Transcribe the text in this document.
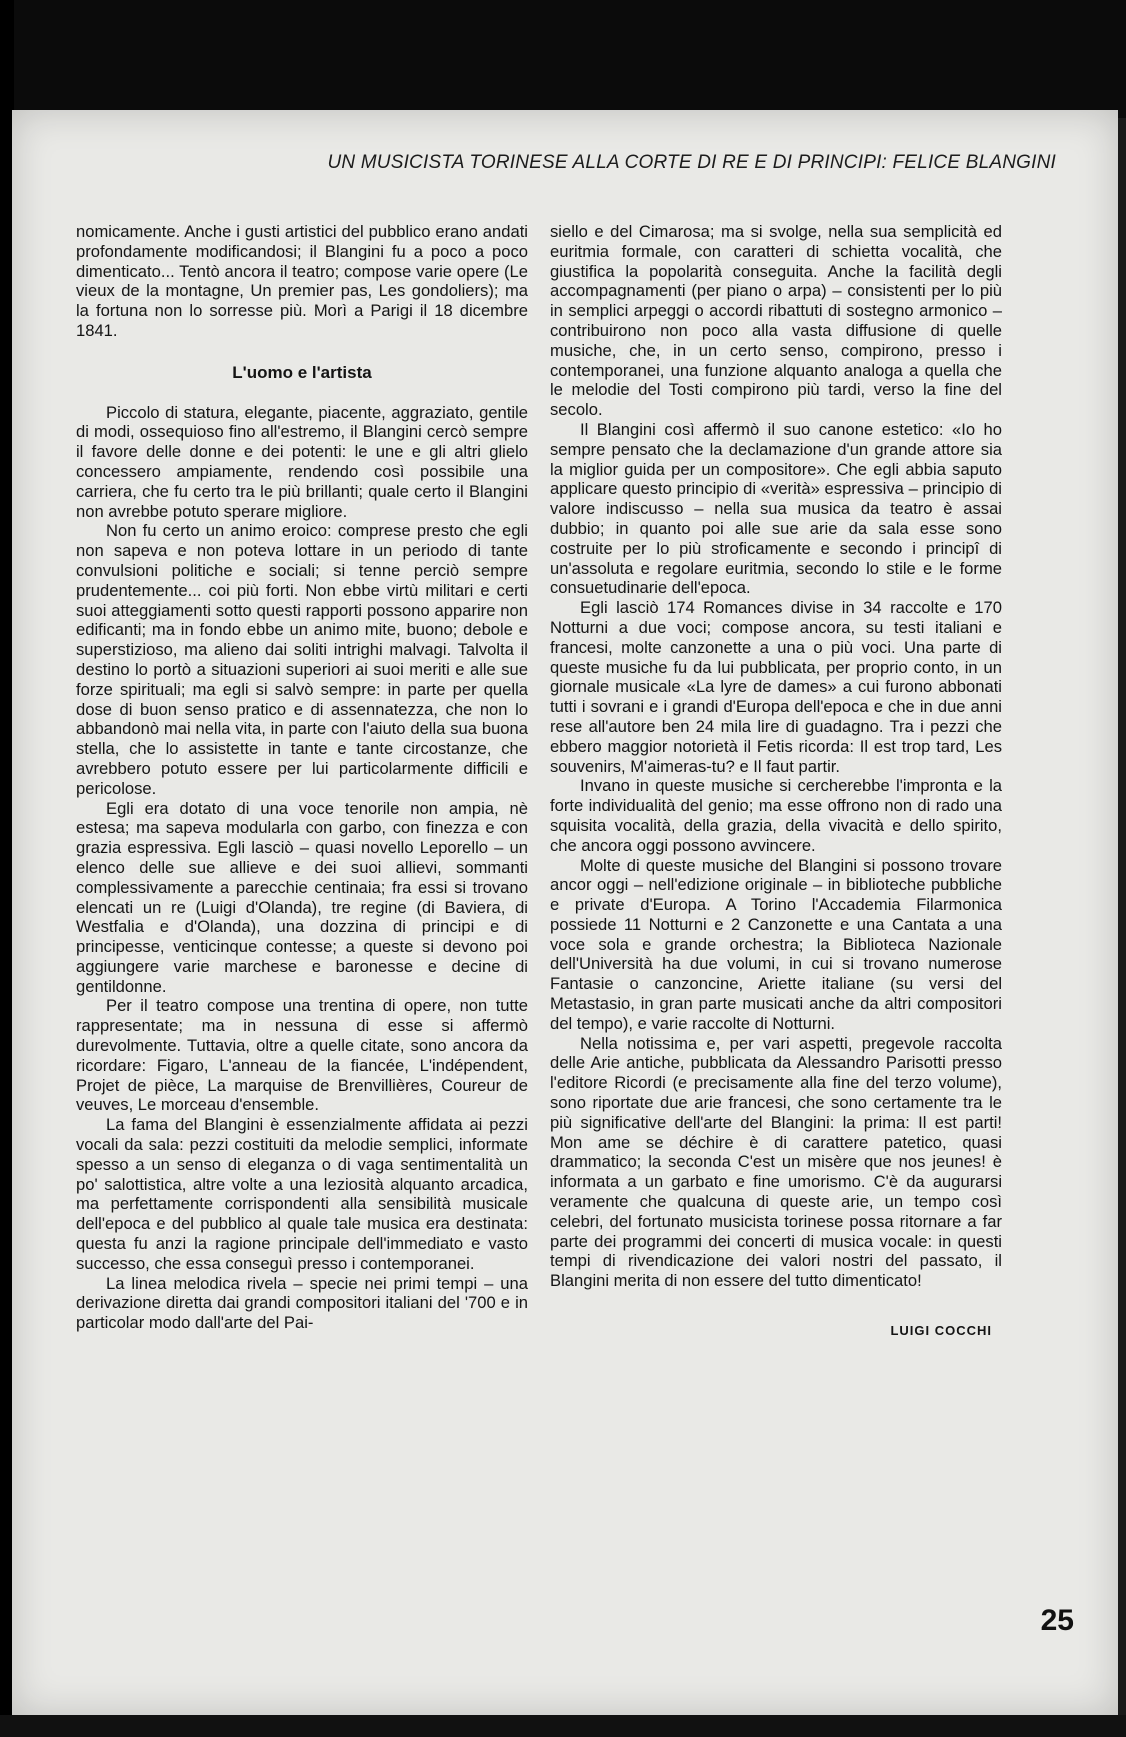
UN MUSICISTA TORINESE ALLA CORTE DI RE E DI PRINCIPI: FELICE BLANGINI

nomicamente. Anche i gusti artistici del pubblico erano andati profondamente modificandosi; il Blangini fu a poco a poco dimenticato... Tentò ancora il teatro; compose varie opere (Le vieux de la montagne, Un premier pas, Les gondoliers); ma la fortuna non lo sorresse più. Morì a Parigi il 18 dicembre 1841.

L'uomo e l'artista

Piccolo di statura, elegante, piacente, aggraziato, gentile di modi, ossequioso fino all'estremo, il Blangini cercò sempre il favore delle donne e dei potenti: le une e gli altri glielo concessero ampiamente, rendendo così possibile una carriera, che fu certo tra le più brillanti; quale certo il Blangini non avrebbe potuto sperare migliore.

Non fu certo un animo eroico: comprese presto che egli non sapeva e non poteva lottare in un periodo di tante convulsioni politiche e sociali; si tenne perciò sempre prudentemente... coi più forti. Non ebbe virtù militari e certi suoi atteggiamenti sotto questi rapporti possono apparire non edificanti; ma in fondo ebbe un animo mite, buono; debole e superstizioso, ma alieno dai soliti intrighi malvagi. Talvolta il destino lo portò a situazioni superiori ai suoi meriti e alle sue forze spirituali; ma egli si salvò sempre: in parte per quella dose di buon senso pratico e di assennatezza, che non lo abbandonò mai nella vita, in parte con l'aiuto della sua buona stella, che lo assistette in tante e tante circostanze, che avrebbero potuto essere per lui particolarmente difficili e pericolose.

Egli era dotato di una voce tenorile non ampia, nè estesa; ma sapeva modularla con garbo, con finezza e con grazia espressiva. Egli lasciò – quasi novello Leporello – un elenco delle sue allieve e dei suoi allievi, sommanti complessivamente a parecchie centinaia; fra essi si trovano elencati un re (Luigi d'Olanda), tre regine (di Baviera, di Westfalia e d'Olanda), una dozzina di principi e di principesse, venticinque contesse; a queste si devono poi aggiungere varie marchese e baronesse e decine di gentildonne.

Per il teatro compose una trentina di opere, non tutte rappresentate; ma in nessuna di esse si affermò durevolmente. Tuttavia, oltre a quelle citate, sono ancora da ricordare: Figaro, L'anneau de la fiancée, L'indépendent, Projet de pièce, La marquise de Brenvillières, Coureur de veuves, Le morceau d'ensemble.

La fama del Blangini è essenzialmente affidata ai pezzi vocali da sala: pezzi costituiti da melodie semplici, informate spesso a un senso di eleganza o di vaga sentimentalità un po' salottistica, altre volte a una leziosità alquanto arcadica, ma perfettamente corrispondenti alla sensibilità musicale dell'epoca e del pubblico al quale tale musica era destinata: questa fu anzi la ragione principale dell'immediato e vasto successo, che essa conseguì presso i contemporanei.

La linea melodica rivela – specie nei primi tempi – una derivazione diretta dai grandi compositori italiani del '700 e in particolar modo dall'arte del Pai-

siello e del Cimarosa; ma si svolge, nella sua semplicità ed euritmia formale, con caratteri di schietta vocalità, che giustifica la popolarità conseguita. Anche la facilità degli accompagnamenti (per piano o arpa) – consistenti per lo più in semplici arpeggi o accordi ribattuti di sostegno armonico – contribuirono non poco alla vasta diffusione di quelle musiche, che, in un certo senso, compirono, presso i contemporanei, una funzione alquanto analoga a quella che le melodie del Tosti compirono più tardi, verso la fine del secolo.

Il Blangini così affermò il suo canone estetico: «Io ho sempre pensato che la declamazione d'un grande attore sia la miglior guida per un compositore». Che egli abbia saputo applicare questo principio di «verità» espressiva – principio di valore indiscusso – nella sua musica da teatro è assai dubbio; in quanto poi alle sue arie da sala esse sono costruite per lo più stroficamente e secondo i principî di un'assoluta e regolare euritmia, secondo lo stile e le forme consuetudinarie dell'epoca.

Egli lasciò 174 Romances divise in 34 raccolte e 170 Notturni a due voci; compose ancora, su testi italiani e francesi, molte canzonette a una o più voci. Una parte di queste musiche fu da lui pubblicata, per proprio conto, in un giornale musicale «La lyre de dames» a cui furono abbonati tutti i sovrani e i grandi d'Europa dell'epoca e che in due anni rese all'autore ben 24 mila lire di guadagno. Tra i pezzi che ebbero maggior notorietà il Fetis ricorda: Il est trop tard, Les souvenirs, M'aimeras-tu? e Il faut partir.

Invano in queste musiche si cercherebbe l'impronta e la forte individualità del genio; ma esse offrono non di rado una squisita vocalità, della grazia, della vivacità e dello spirito, che ancora oggi possono avvincere.

Molte di queste musiche del Blangini si possono trovare ancor oggi – nell'edizione originale – in biblioteche pubbliche e private d'Europa. A Torino l'Accademia Filarmonica possiede 11 Notturni e 2 Canzonette e una Cantata a una voce sola e grande orchestra; la Biblioteca Nazionale dell'Università ha due volumi, in cui si trovano numerose Fantasie o canzoncine, Ariette italiane (su versi del Metastasio, in gran parte musicati anche da altri compositori del tempo), e varie raccolte di Notturni.

Nella notissima e, per vari aspetti, pregevole raccolta delle Arie antiche, pubblicata da Alessandro Parisotti presso l'editore Ricordi (e precisamente alla fine del terzo volume), sono riportate due arie francesi, che sono certamente tra le più significative dell'arte del Blangini: la prima: Il est parti! Mon ame se déchire è di carattere patetico, quasi drammatico; la seconda C'est un misère que nos jeunes! è informata a un garbato e fine umorismo. C'è da augurarsi veramente che qualcuna di queste arie, un tempo così celebri, del fortunato musicista torinese possa ritornare a far parte dei programmi dei concerti di musica vocale: in questi tempi di rivendicazione dei valori nostri del passato, il Blangini merita di non essere del tutto dimenticato!

LUIGI COCCHI
25
